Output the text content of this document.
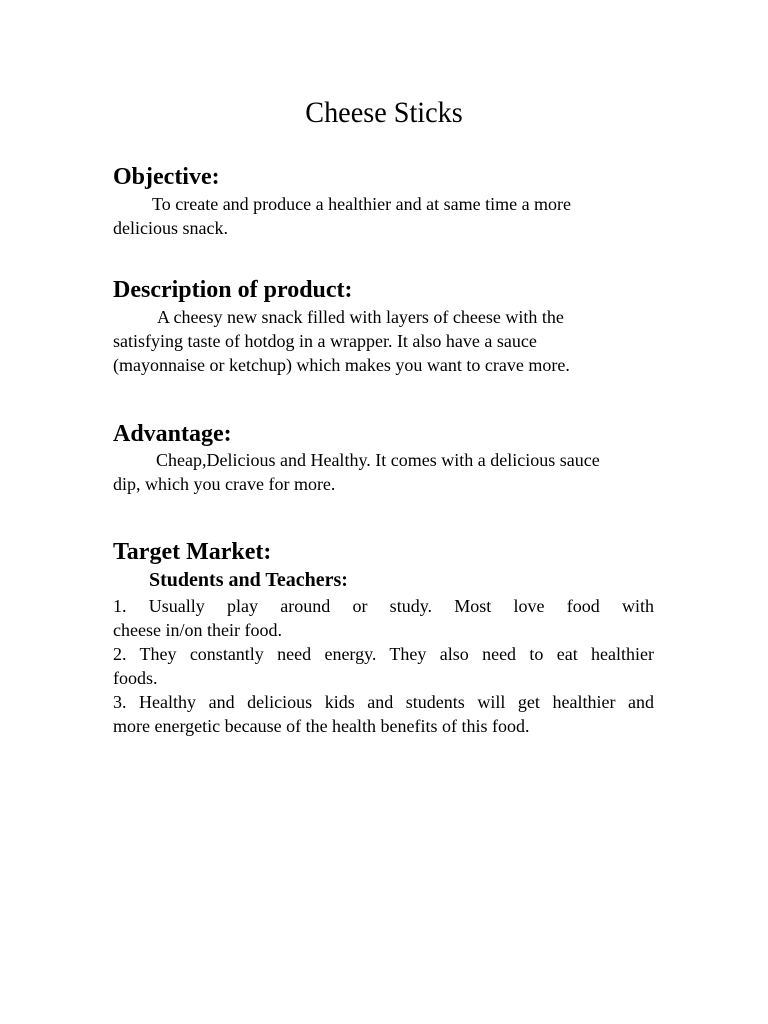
Cheese Sticks
Objective:
To create and produce a healthier and at same time a more
delicious snack.
Description of product:
A cheesy new snack filled with layers of cheese with the
satisfying taste of hotdog in a wrapper. It also have a sauce
(mayonnaise or ketchup) which makes you want to crave more.
Advantage:
Cheap,Delicious and Healthy. It comes with a delicious sauce
dip, which you crave for more.
Target Market:
Students and Teachers:
1. Usually play around or study. Most love food with
cheese in/on their food.
2. They constantly need energy. They also need to eat healthier
foods.
3. Healthy and delicious kids and students will get healthier and
more energetic because of the health benefits of this food.
